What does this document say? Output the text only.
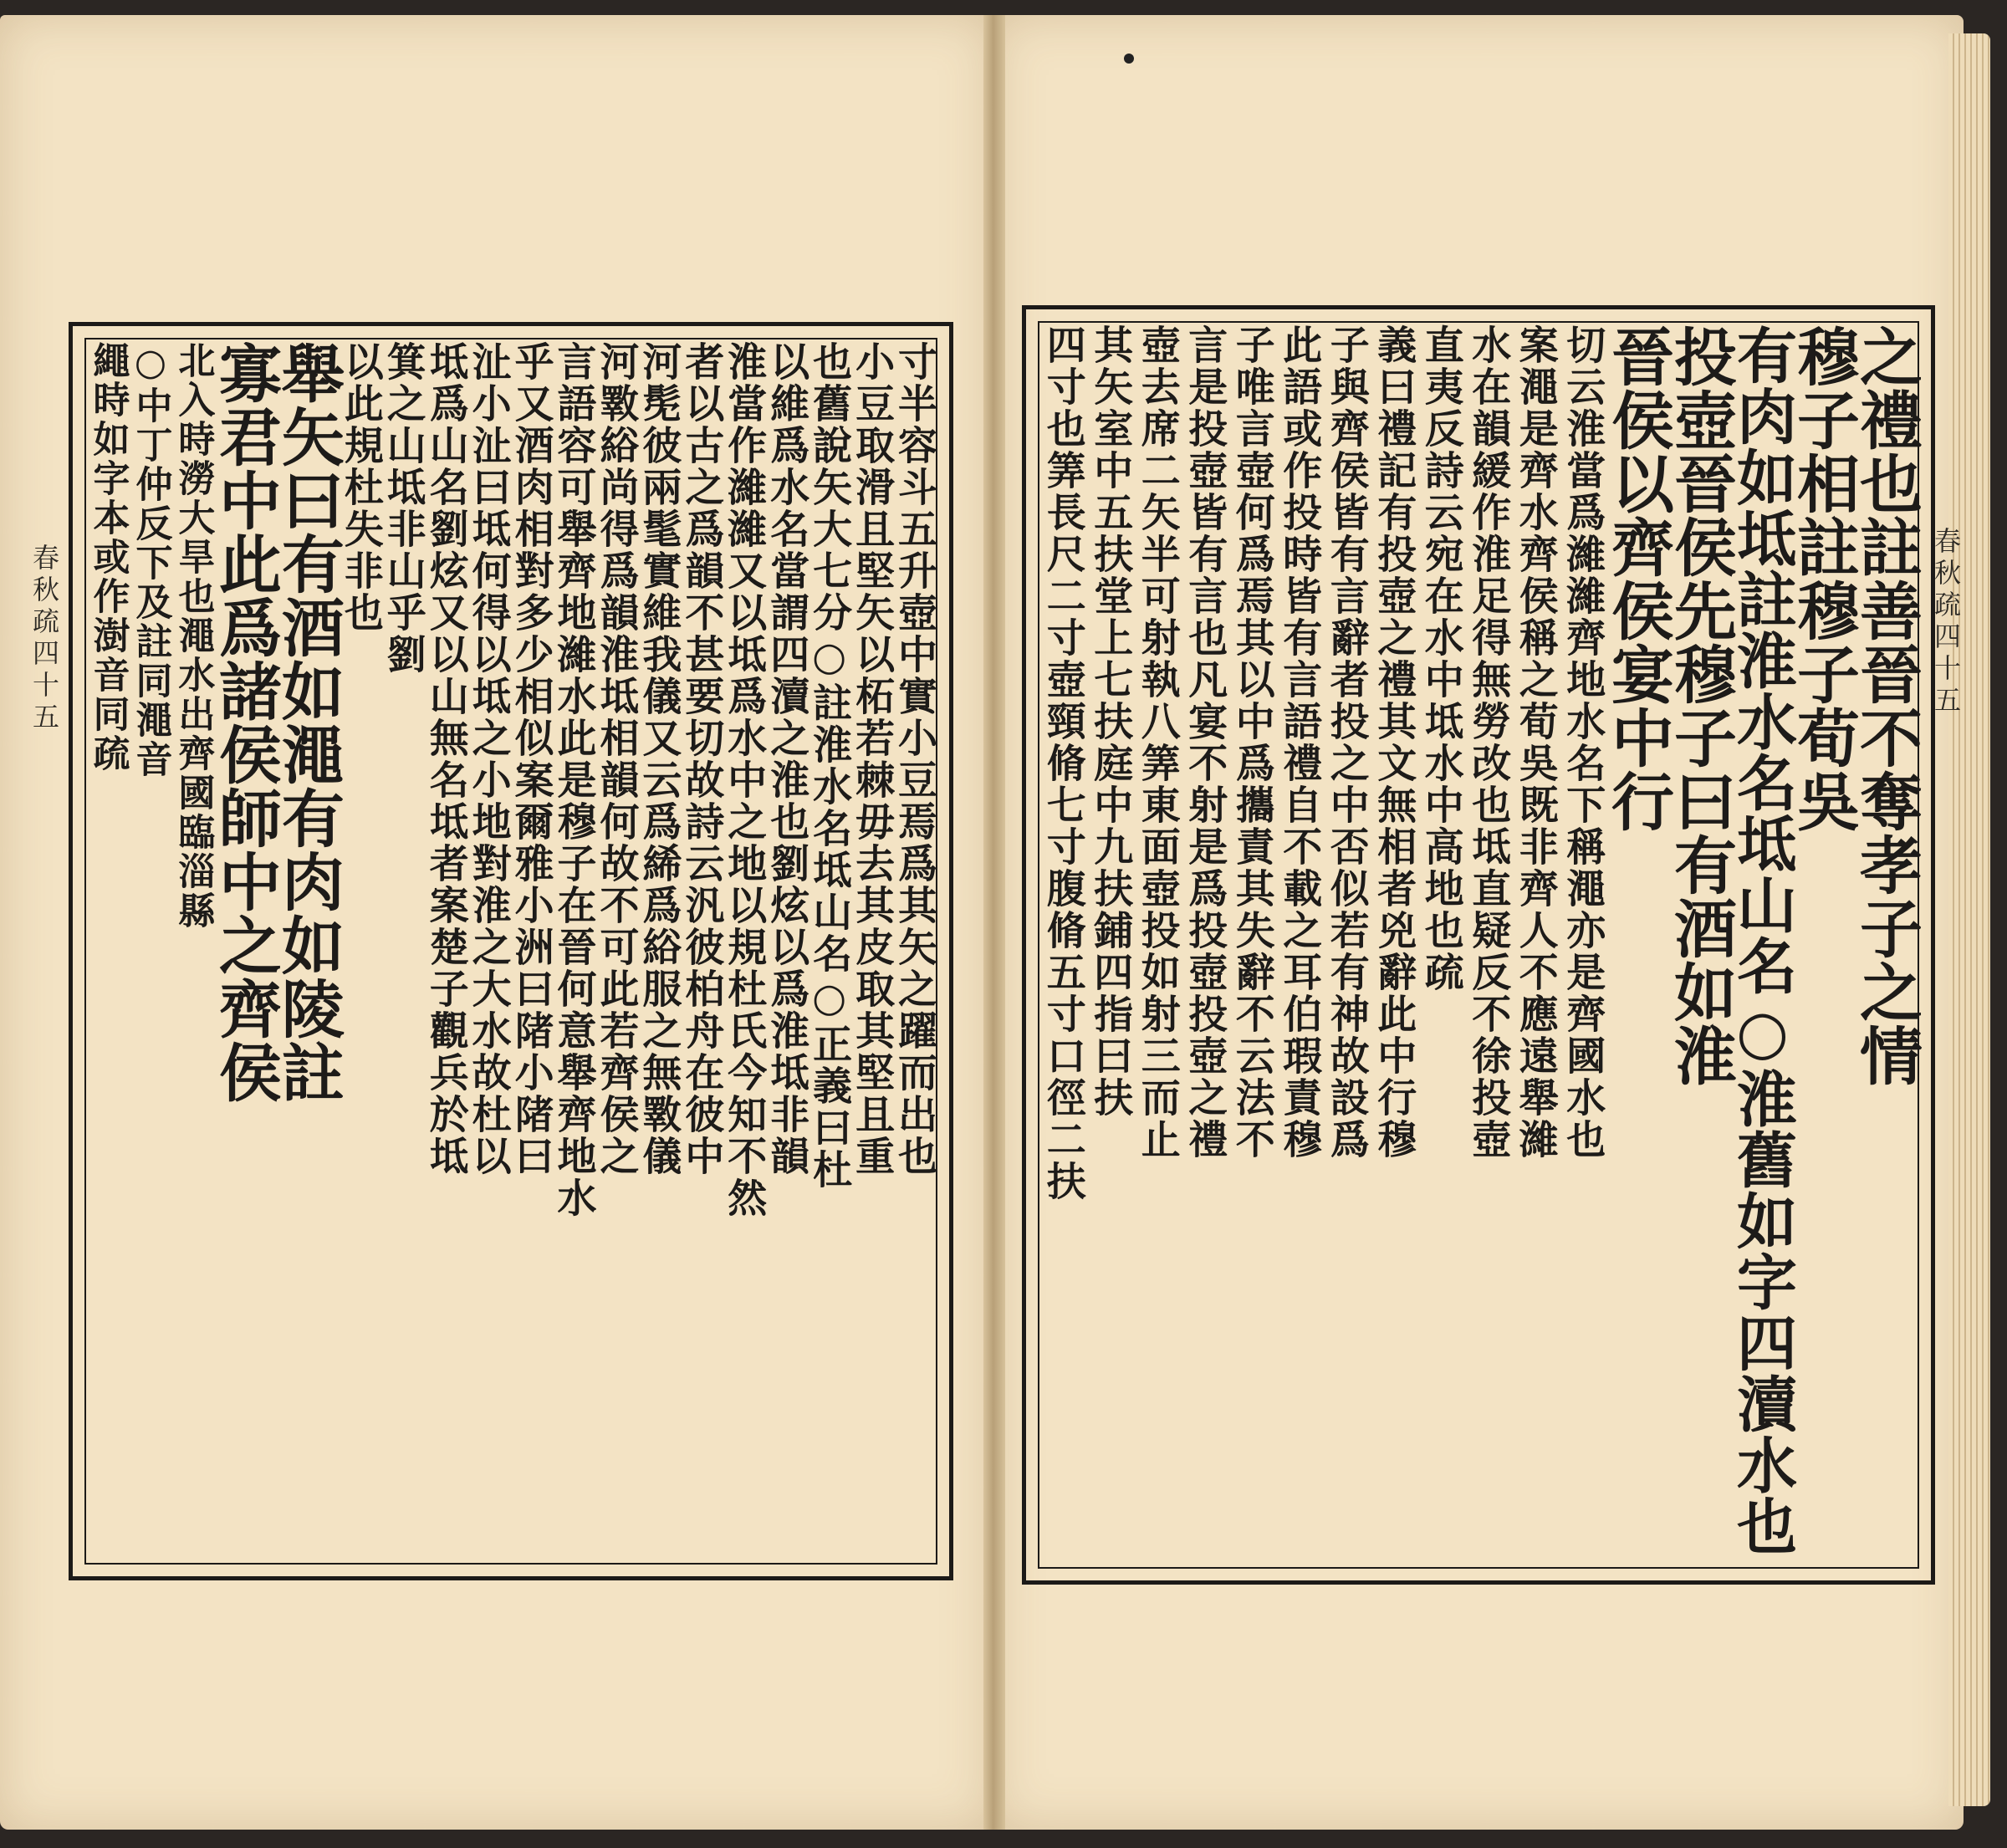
春秋疏四十五	春秋疏四十五
寸半容斗五升壺中實小豆焉爲其矢之躍而出也
小豆取滑且堅矢以柘若棘毋去其皮取其堅且重
也舊說矢大七分○註淮水名坻山名○正義曰杜
以維爲水名當謂四瀆之淮也劉炫以爲淮坻非韻
淮當作濰濰又以坻爲水中之地以規杜氏今知不然
者以古之爲韻不甚要切故詩云汎彼柏舟在彼中
河髧彼兩髦實維我儀又云爲絺爲綌服之無斁儀
河斁綌尚得爲韻淮坻相韻何故不可此若齊侯之
言語容可舉齊地濰水此是穆子在晉何意舉齊地水
乎又酒肉相對多少相似案爾雅小洲曰陼小陼曰
沚小沚曰坻何得以坻之小地對淮之大水故杜以
坻爲山名劉炫又以山無名坻者案楚子觀兵於坻
箕之山坻非山乎劉
以此規杜失非也
舉矢曰有酒如澠有肉如陵註
寡君中此爲諸侯師中之齊侯
北入時澇大旱也澠水出齊國臨淄縣
○中丁仲反下及註同澠音
繩時如字本或作澍音同疏	之禮也註善晉不奪孝子之情
穆子相註穆子荀吳
有肉如坻註淮水名坻山名○淮舊如字四瀆水也
投壺晉侯先穆子曰有酒如淮
晉侯以齊侯宴中行
切云淮當爲濰濰齊地水名下稱澠亦是齊國水也
案澠是齊水齊侯稱之荀吳既非齊人不應遠舉濰
水在韻緩作淮足得無勞改也坻直疑反不徐投壺
直夷反詩云宛在水中坻水中高地也疏
義曰禮記有投壺之禮其文無相者兇辭此中行穆
子與齊侯皆有言辭者投之中否似若有神故設爲
此語或作投時皆有言語禮自不載之耳伯瑕責穆
子唯言壺何爲焉其以中爲攜責其失辭不云法不
言是投壺皆有言也凡宴不射是爲投壺投壺之禮
壺去席二矢半可射執八筭東面壺投如射三而止
其矢室中五扶堂上七扶庭中九扶鋪四指曰扶
四寸也筭長尺二寸壺頸脩七寸腹脩五寸口徑二扶
